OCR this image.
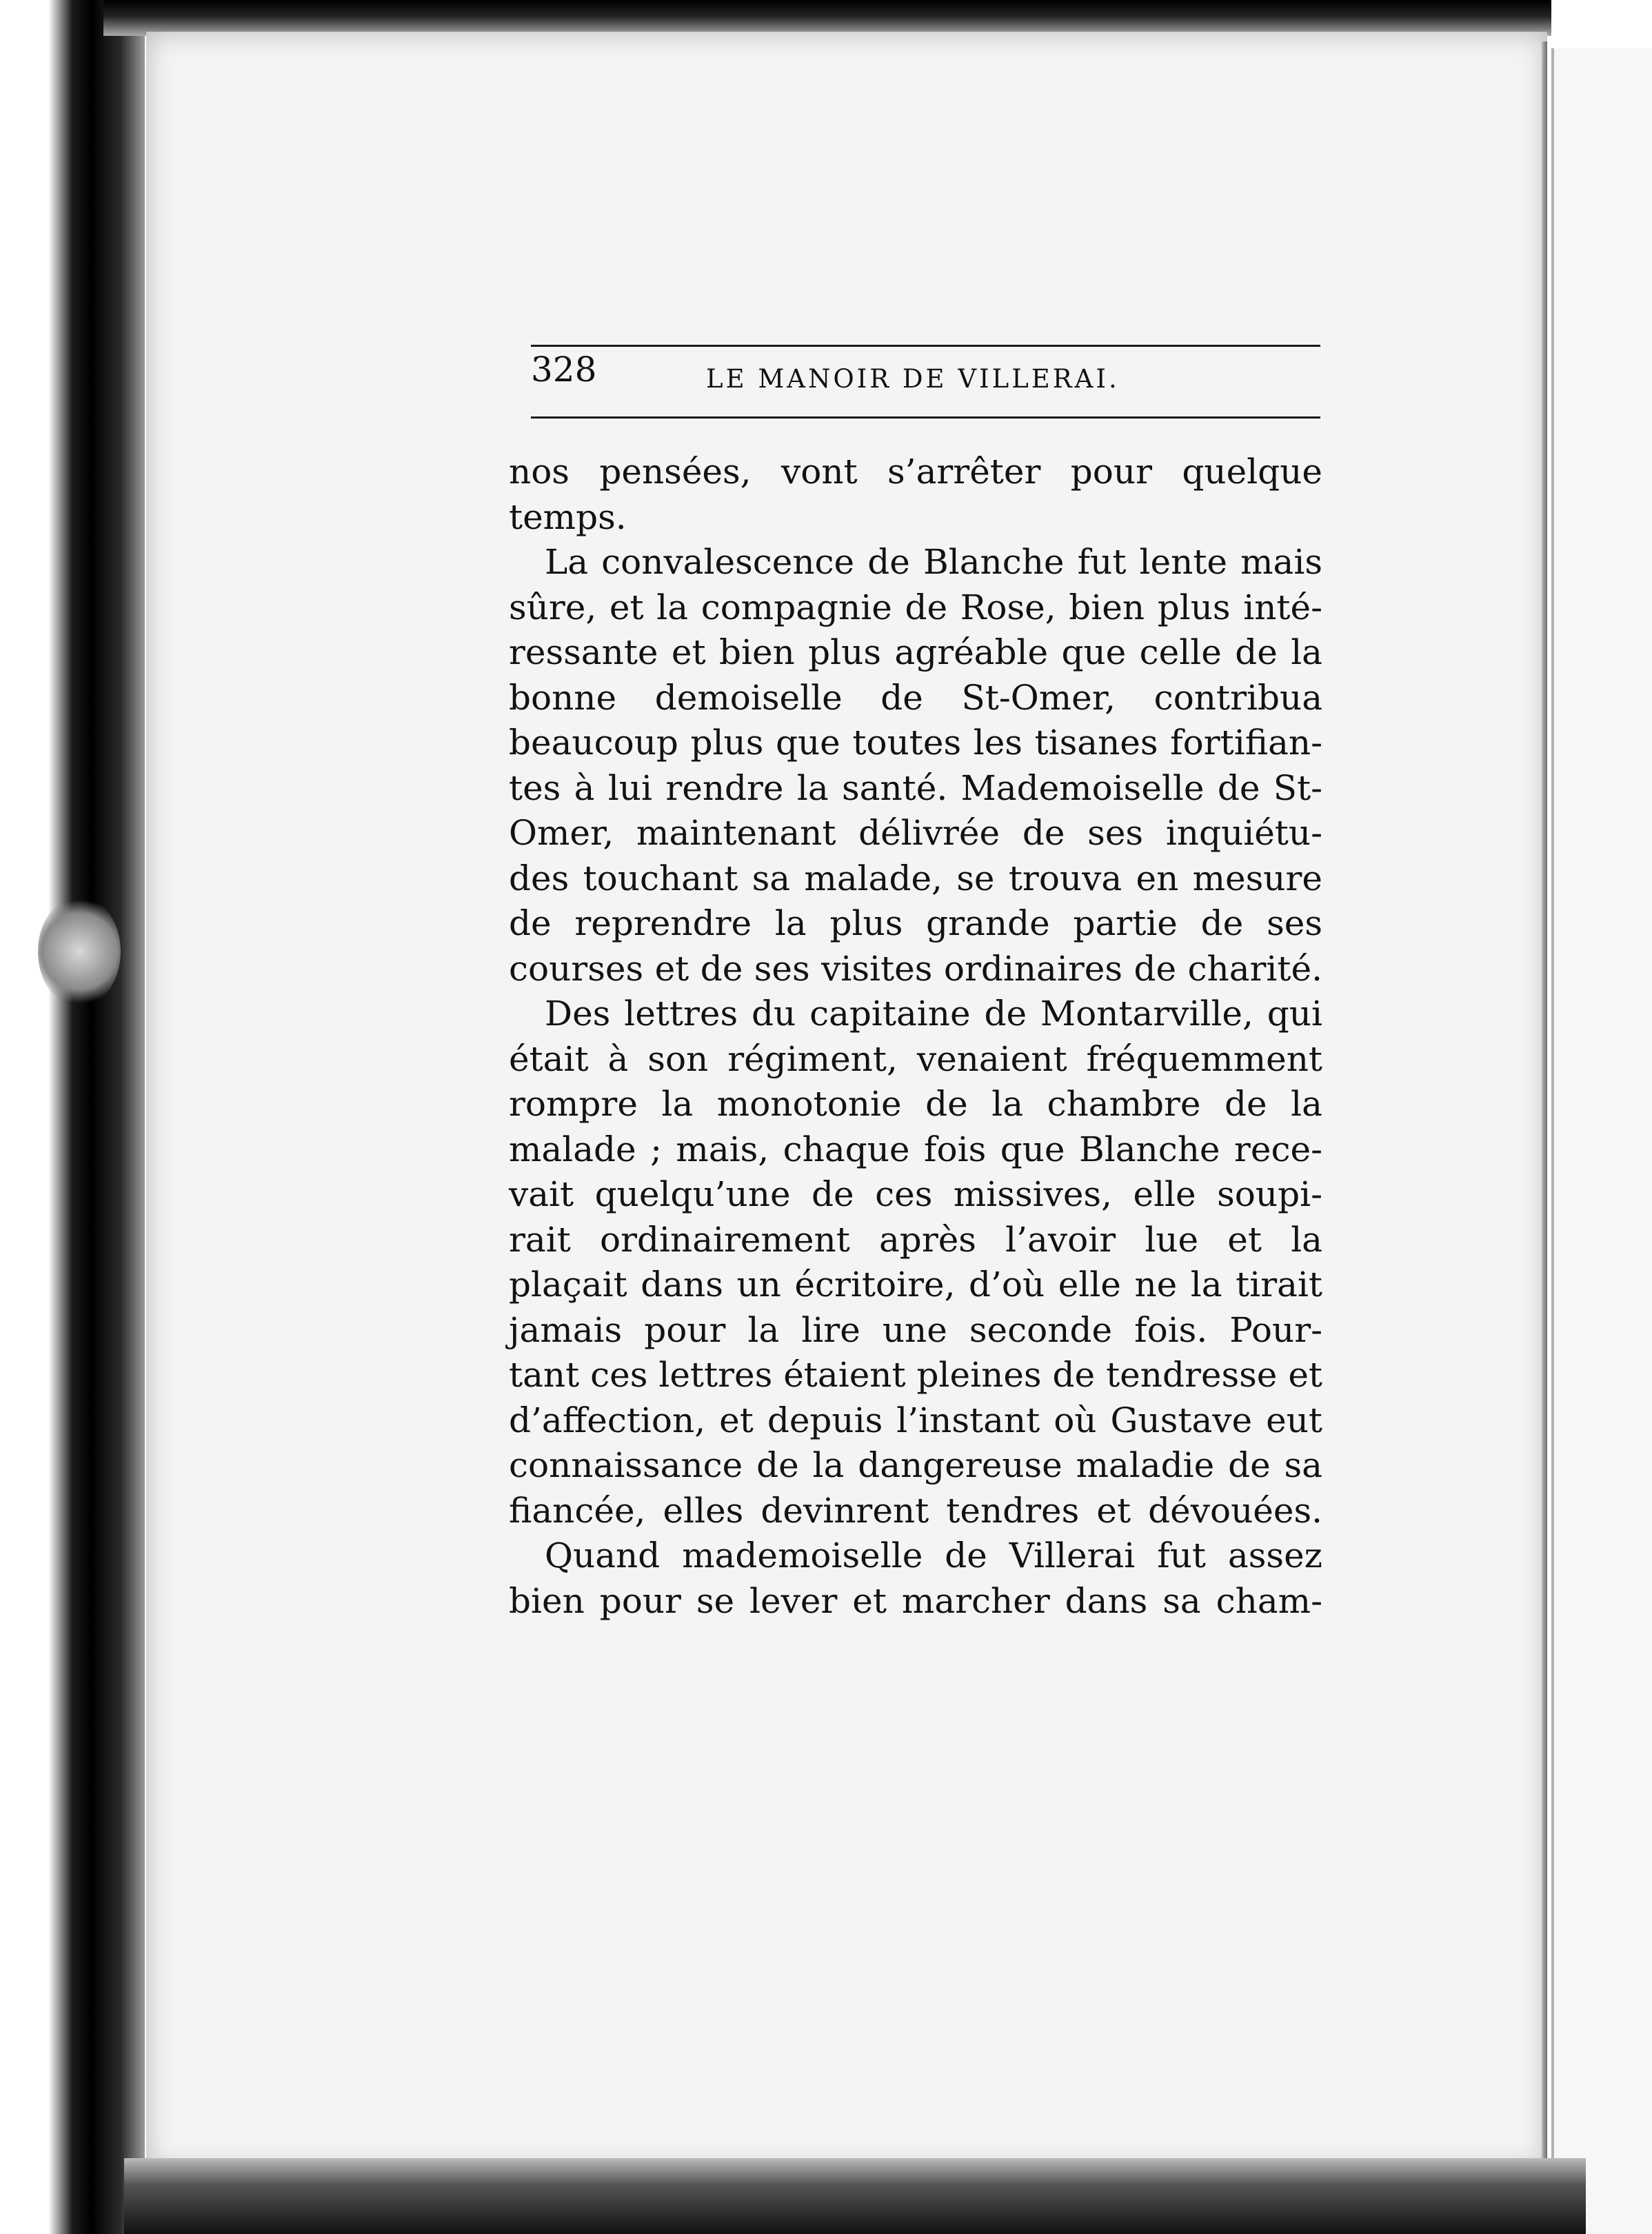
328	LE MANOIR DE VILLERAI.
nos pensées, vont s’arrêter pour quelque
temps.
La convalescence de Blanche fut lente mais
sûre, et la compagnie de Rose, bien plus inté-
ressante et bien plus agréable que celle de la
bonne demoiselle de St-Omer, contribua
beaucoup plus que toutes les tisanes fortifian-
tes à lui rendre la santé. Mademoiselle de St-
Omer, maintenant délivrée de ses inquiétu-
des touchant sa malade, se trouva en mesure
de reprendre la plus grande partie de ses
courses et de ses visites ordinaires de charité.
Des lettres du capitaine de Montarville, qui
était à son régiment, venaient fréquemment
rompre la monotonie de la chambre de la
malade ; mais, chaque fois que Blanche rece-
vait quelqu’une de ces missives, elle soupi-
rait ordinairement après l’avoir lue et la
plaçait dans un écritoire, d’où elle ne la tirait
jamais pour la lire une seconde fois. Pour-
tant ces lettres étaient pleines de tendresse et
d’affection, et depuis l’instant où Gustave eut
connaissance de la dangereuse maladie de sa
fiancée, elles devinrent tendres et dévouées.
Quand mademoiselle de Villerai fut assez
bien pour se lever et marcher dans sa cham-
